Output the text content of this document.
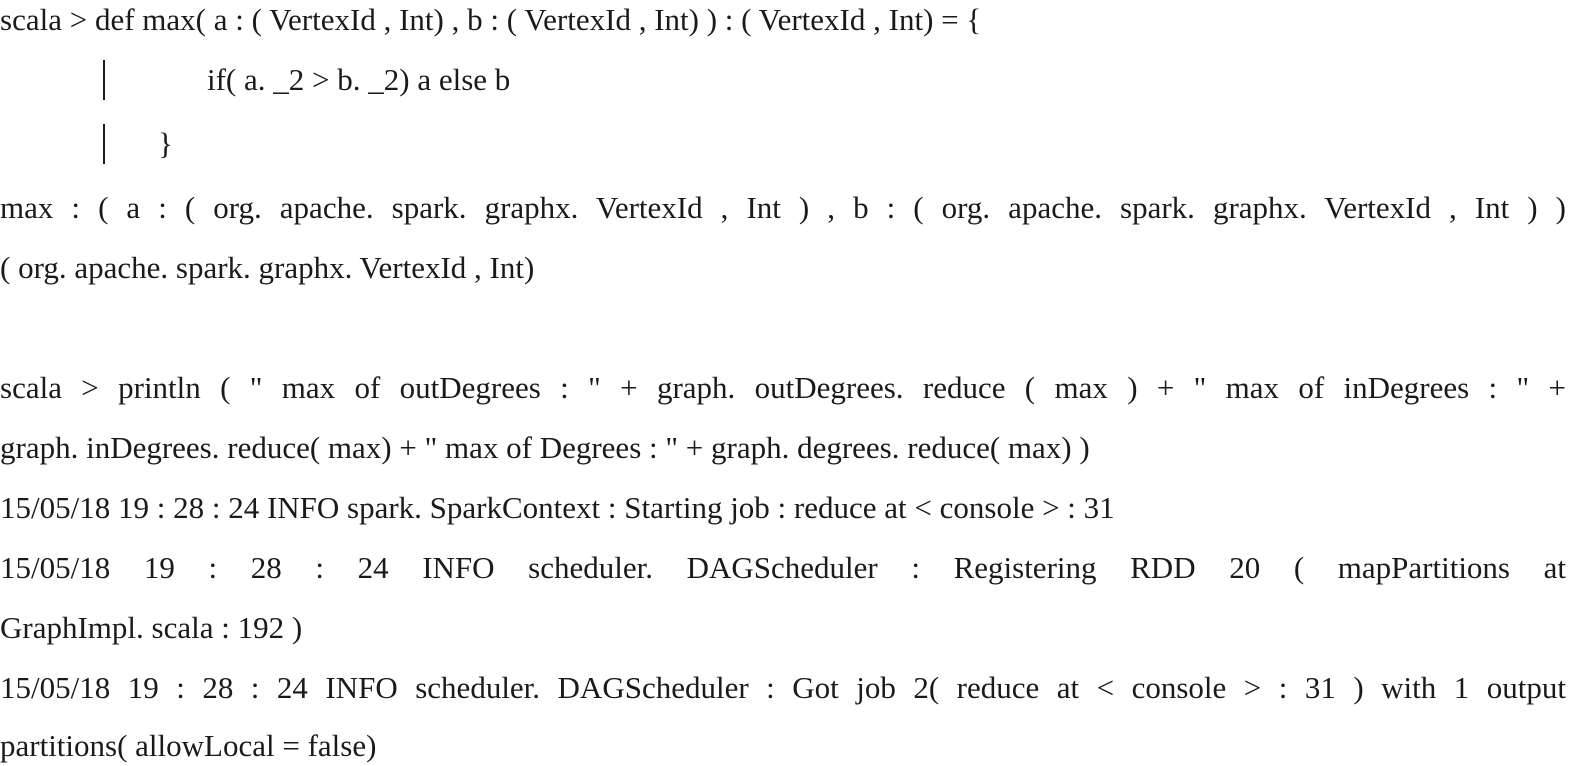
scala > def max( a : ( VertexId , Int) , b : ( VertexId , Int) ) : ( VertexId , Int) = {
if( a. _2 > b. _2) a else b
}
max : ( a : ( org. apache. spark. graphx. VertexId , Int ) , b : ( org. apache. spark. graphx. VertexId , Int ) )
( org. apache. spark. graphx. VertexId , Int)
scala > println ( " max of outDegrees : " + graph. outDegrees. reduce ( max ) + " max of inDegrees : " +
graph. inDegrees. reduce( max) + " max of Degrees : " + graph. degrees. reduce( max) )
15/05/18 19 : 28 : 24 INFO spark. SparkContext : Starting job : reduce at < console > : 31
15/05/18 19 : 28 : 24 INFO scheduler. DAGScheduler : Registering RDD 20 ( mapPartitions at
GraphImpl. scala : 192 )
15/05/18 19 : 28 : 24 INFO scheduler. DAGScheduler : Got job 2( reduce at < console > : 31 ) with 1 output
partitions( allowLocal = false)
